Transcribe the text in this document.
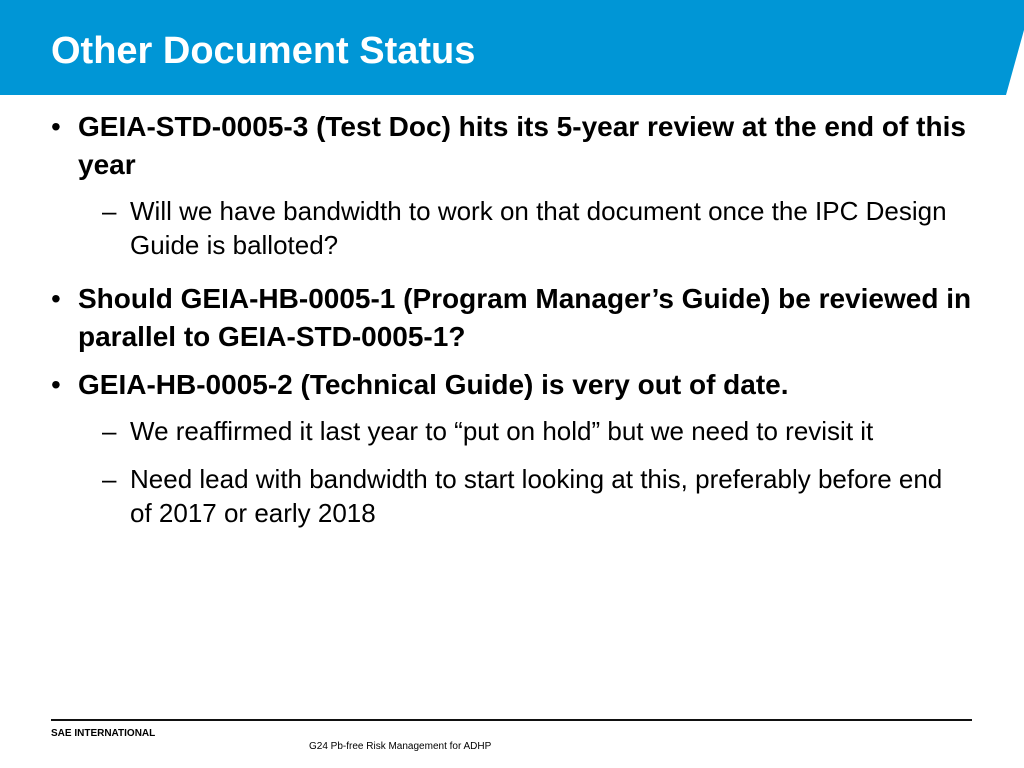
Other Document Status

• GEIA-STD-0005-3 (Test Doc) hits its 5-year review at the end of this year

– Will we have bandwidth to work on that document once the IPC Design Guide is balloted?

• Should GEIA-HB-0005-1 (Program Manager’s Guide) be reviewed in parallel to GEIA-STD-0005-1?

• GEIA-HB-0005-2 (Technical Guide) is very out of date.

– We reaffirmed it last year to “put on hold” but we need to revisit it

– Need lead with bandwidth to start looking at this, preferably before end of 2017 or early 2018

SAE INTERNATIONAL
G24 Pb-free Risk Management for ADHP
